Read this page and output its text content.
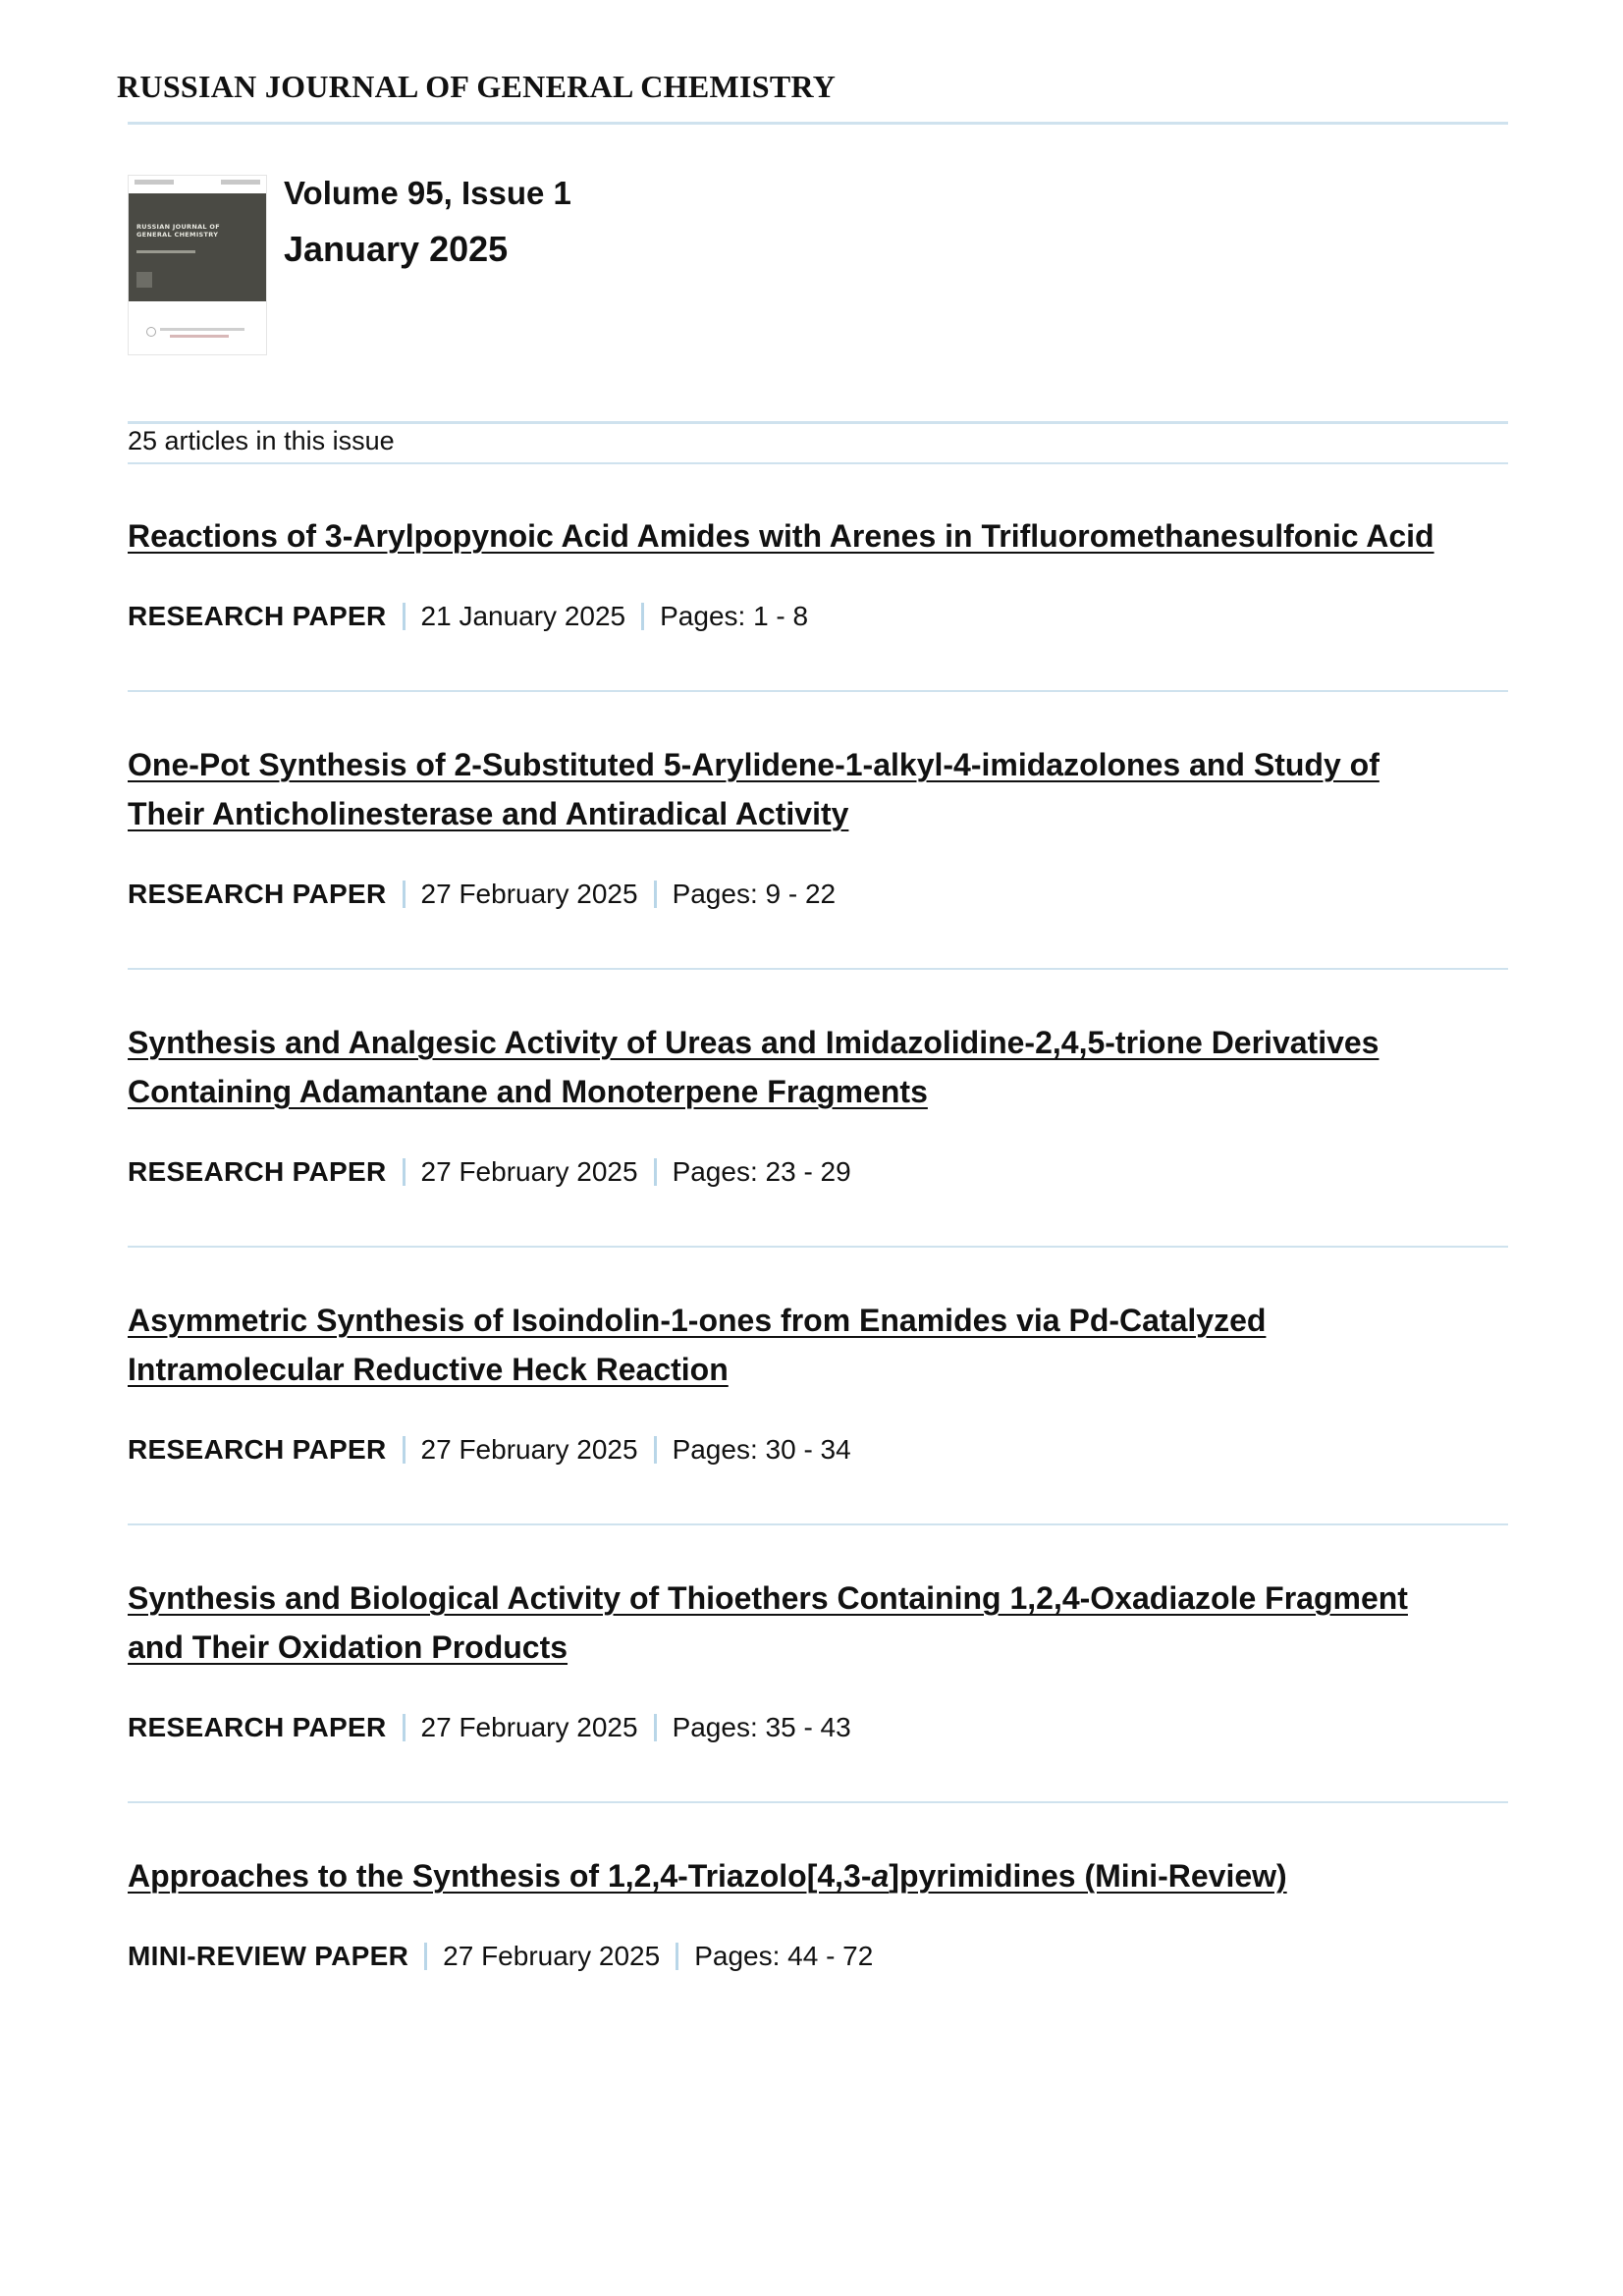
RUSSIAN JOURNAL OF GENERAL CHEMISTRY
RUSSIAN JOURNAL OF GENERAL CHEMISTRY

Volume 95, Issue 1

January 2025

25 articles in this issue

Reactions of 3-Arylpopynoic Acid Amides with Arenes in Trifluoromethanesulfonic Acid
RESEARCH PAPER 21 January 2025 Pages: 1 - 8
One-Pot Synthesis of 2-Substituted 5-Arylidene-1-alkyl-4-imidazolones and Study of
Their Anticholinesterase and Antiradical Activity
RESEARCH PAPER 27 February 2025 Pages: 9 - 22
Synthesis and Analgesic Activity of Ureas and Imidazolidine-2,4,5-trione Derivatives
Containing Adamantane and Monoterpene Fragments
RESEARCH PAPER 27 February 2025 Pages: 23 - 29
Asymmetric Synthesis of Isoindolin-1-ones from Enamides via Pd-Catalyzed
Intramolecular Reductive Heck Reaction
RESEARCH PAPER 27 February 2025 Pages: 30 - 34
Synthesis and Biological Activity of Thioethers Containing 1,2,4-Oxadiazole Fragment
and Their Oxidation Products
RESEARCH PAPER 27 February 2025 Pages: 35 - 43
Approaches to the Synthesis of 1,2,4-Triazolo[4,3-a]pyrimidines (Mini-Review)
MINI-REVIEW PAPER 27 February 2025 Pages: 44 - 72
